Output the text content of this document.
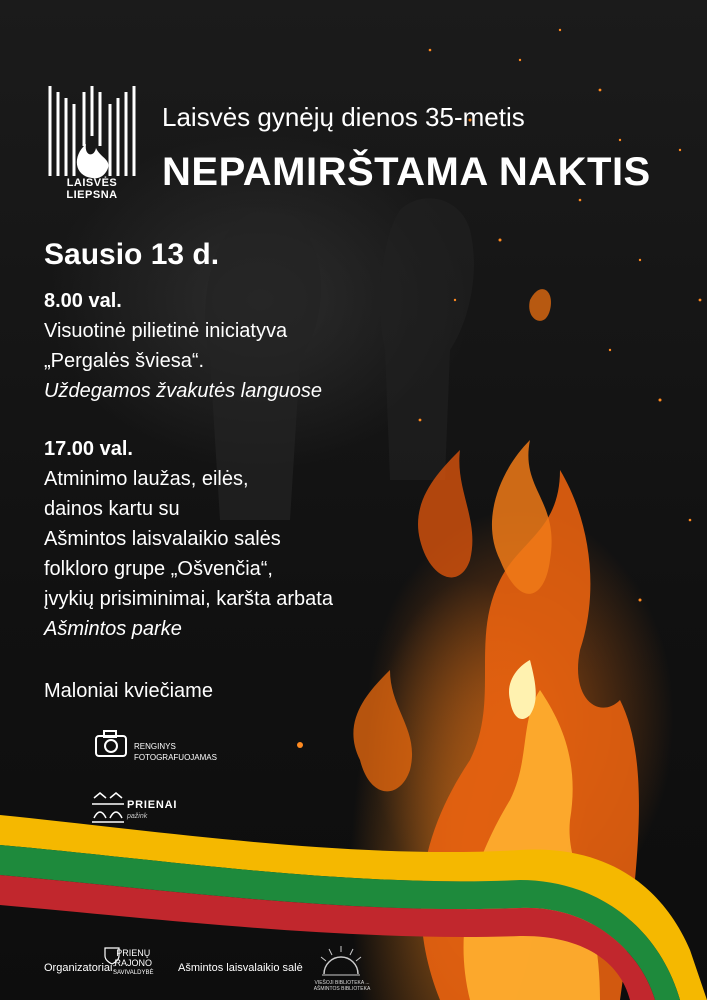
LAISVĖS LIEPSNA
Laisvės gynėjų dienos 35-metis
NEPAMIRŠTAMA NAKTIS
Sausio 13 d.
8.00 val.
Visuotinė pilietinė iniciatyva
„Pergalės šviesa“.
Uždegamos žvakutės languose
17.00 val.
Atminimo laužas, eilės,
dainos kartu su
Ašmintos laisvalaikio salės
folkloro grupe „Ošvenčia“,
įvykių prisiminimai, karšta arbata
Ašmintos parke
Maloniai kviečiame
RENGINYS
FOTOGRAFUOJAMAS
PRIENAI
pažink
Organizatoriai:
PRIENŲ
RAJONO
SAVIVALDYBĖ Ašmintos laisvalaikio salė
VIEŠOJI BIBLIOTEKA ... AŠMINTOS BIBLIOTEKA
